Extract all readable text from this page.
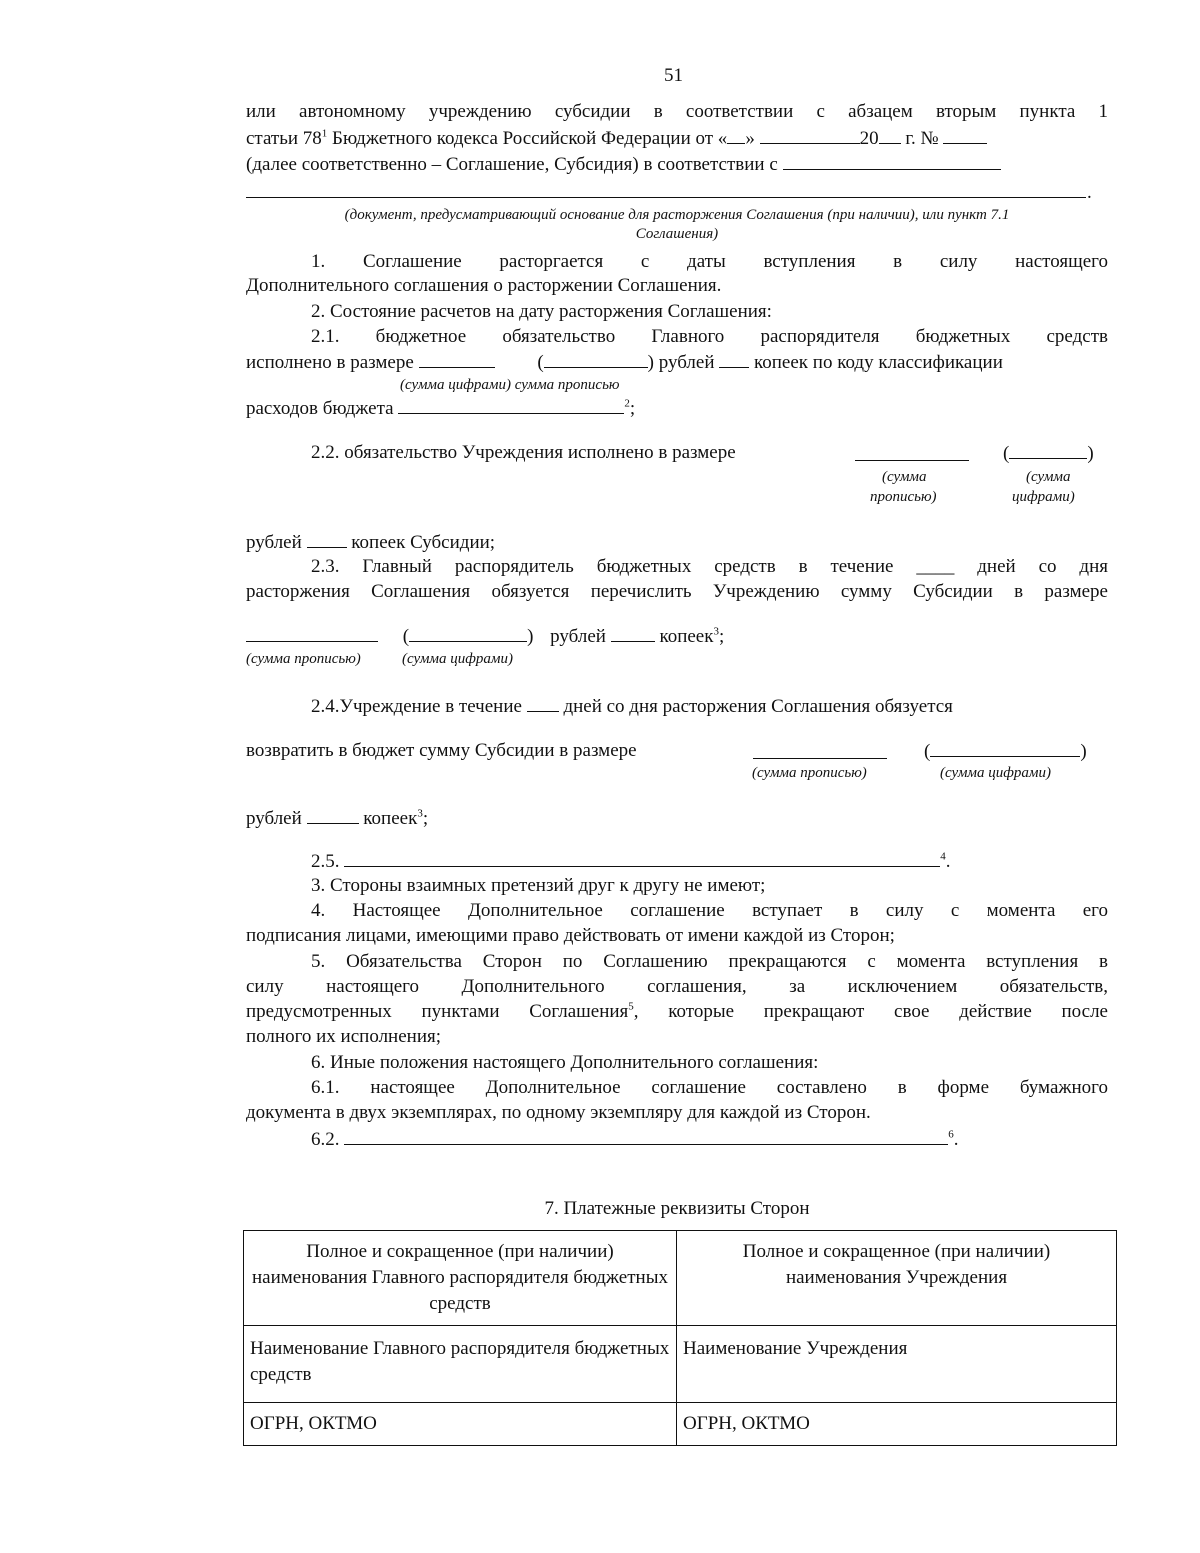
51
или автономному учреждению субсидии в соответствии с абзацем вторым пункта 1
статьи $78^1$ Бюджетного кодекса Российской Федерации от « »	20 г. №
(далее соответственно – Соглашение, Субсидия) в соответствии с
.
(документ, предусматривающий основание для расторжения Соглашения (при наличии), или пункт 7.1
Соглашения)
1. Соглашение расторгается с даты вступления в силу настоящего
Дополнительного соглашения о расторжении Соглашения.
2. Состояние расчетов на дату расторжения Соглашения:
2.1. бюджетное обязательство Главного распорядителя бюджетных средств
исполнено в размере	(	) рублей копеек по коду классификации
(сумма цифрами) сумма прописью
расходов бюджета	$^2$;
2.2. обязательство Учреждения исполнено в размере	(	)
(сумма
прописью)
(сумма
цифрами)
рублей	копеек Субсидии;
2.3. Главный распорядитель бюджетных средств в течение ____ дней со дня
расторжения Соглашения обязуется перечислить Учреждению сумму Субсидии в размере
(	) рублей	копеек$^3$;
(сумма прописью)	(сумма цифрами)
2.4.Учреждение в течение дней со дня расторжения Соглашения обязуется
возвратить в бюджет сумму Субсидии в размере	(	)
(сумма прописью)	(сумма цифрами)
рублей	копеек$^3$;
2.5.	$^4$.
3. Стороны взаимных претензий друг к другу не имеют;
4. Настоящее Дополнительное соглашение вступает в силу с момента его
подписания лицами, имеющими право действовать от имени каждой из Сторон;
5. Обязательства Сторон по Соглашению прекращаются с момента вступления в
силу настоящего Дополнительного соглашения, за исключением обязательств,
предусмотренных пунктами Соглашения$^5$, которые прекращают свое действие после
полного их исполнения;
6. Иные положения настоящего Дополнительного соглашения:
6.1. настоящее Дополнительное соглашение составлено в форме бумажного
документа в двух экземплярах, по одному экземпляру для каждой из Сторон.
6.2.	$^6$.
7. Платежные реквизиты Сторон
Полное и сокращенное (при наличии) наименования Главного распорядителя бюджетных средств	Полное и сокращенное (при наличии) наименования Учреждения
Наименование Главного распорядителя бюджетных средств	Наименование Учреждения
ОГРН, ОКТМО	ОГРН, ОКТМО
